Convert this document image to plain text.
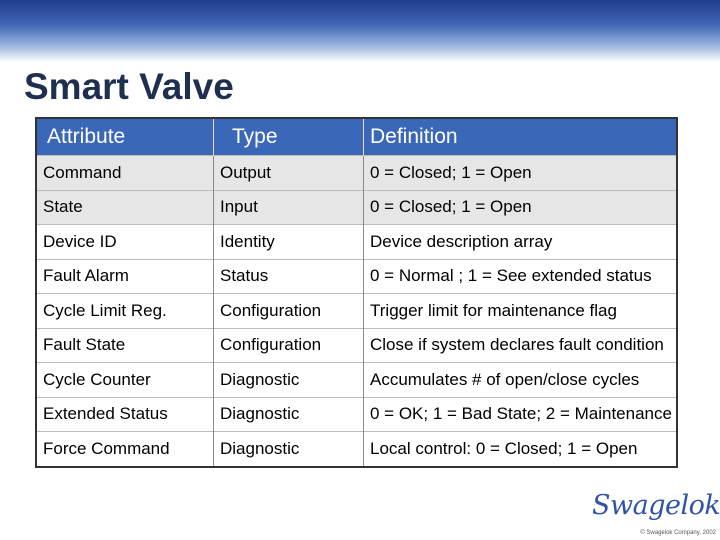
Smart Valve
Attribute	Type	Definition
Command	Output	0 = Closed; 1 = Open
State	Input	0 = Closed; 1 = Open
Device ID	Identity	Device description array
Fault Alarm	Status	0 = Normal ; 1 = See extended status
Cycle Limit Reg.	Configuration	Trigger limit for maintenance flag
Fault State	Configuration	Close if system declares fault condition
Cycle Counter	Diagnostic	Accumulates # of open/close cycles
Extended Status	Diagnostic	0 = OK; 1 = Bad State; 2 = Maintenance
Force Command	Diagnostic	Local control: 0 = Closed; 1 = Open
Swagelok
© Swagelok Company, 2002
